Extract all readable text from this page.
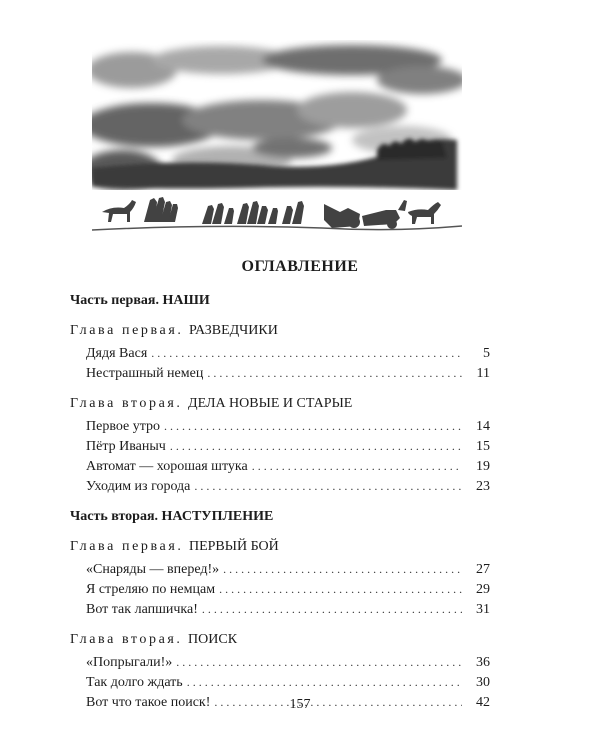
ОГЛАВЛЕНИЕ
Часть первая. НАШИ
Глава первая. РАЗВЕДЧИКИ
Дядя Вася .....	5
Нестрашный немец .....	11
Глава вторая. ДЕЛА НОВЫЕ И СТАРЫЕ
Первое утро .....	14
Пётр Иваныч .....	15
Автомат — хорошая штука .....	19
Уходим из города .....	23
Часть вторая. НАСТУПЛЕНИЕ
Глава первая. ПЕРВЫЙ БОЙ
«Снаряды — вперед!» .....	27
Я стреляю по немцам .....	29
Вот так лапшичка! .....	31
Глава вторая. ПОИСК
«Попрыгали!» .....	36
Так долго ждать .....	30
Вот что такое поиск! .....	42
157
